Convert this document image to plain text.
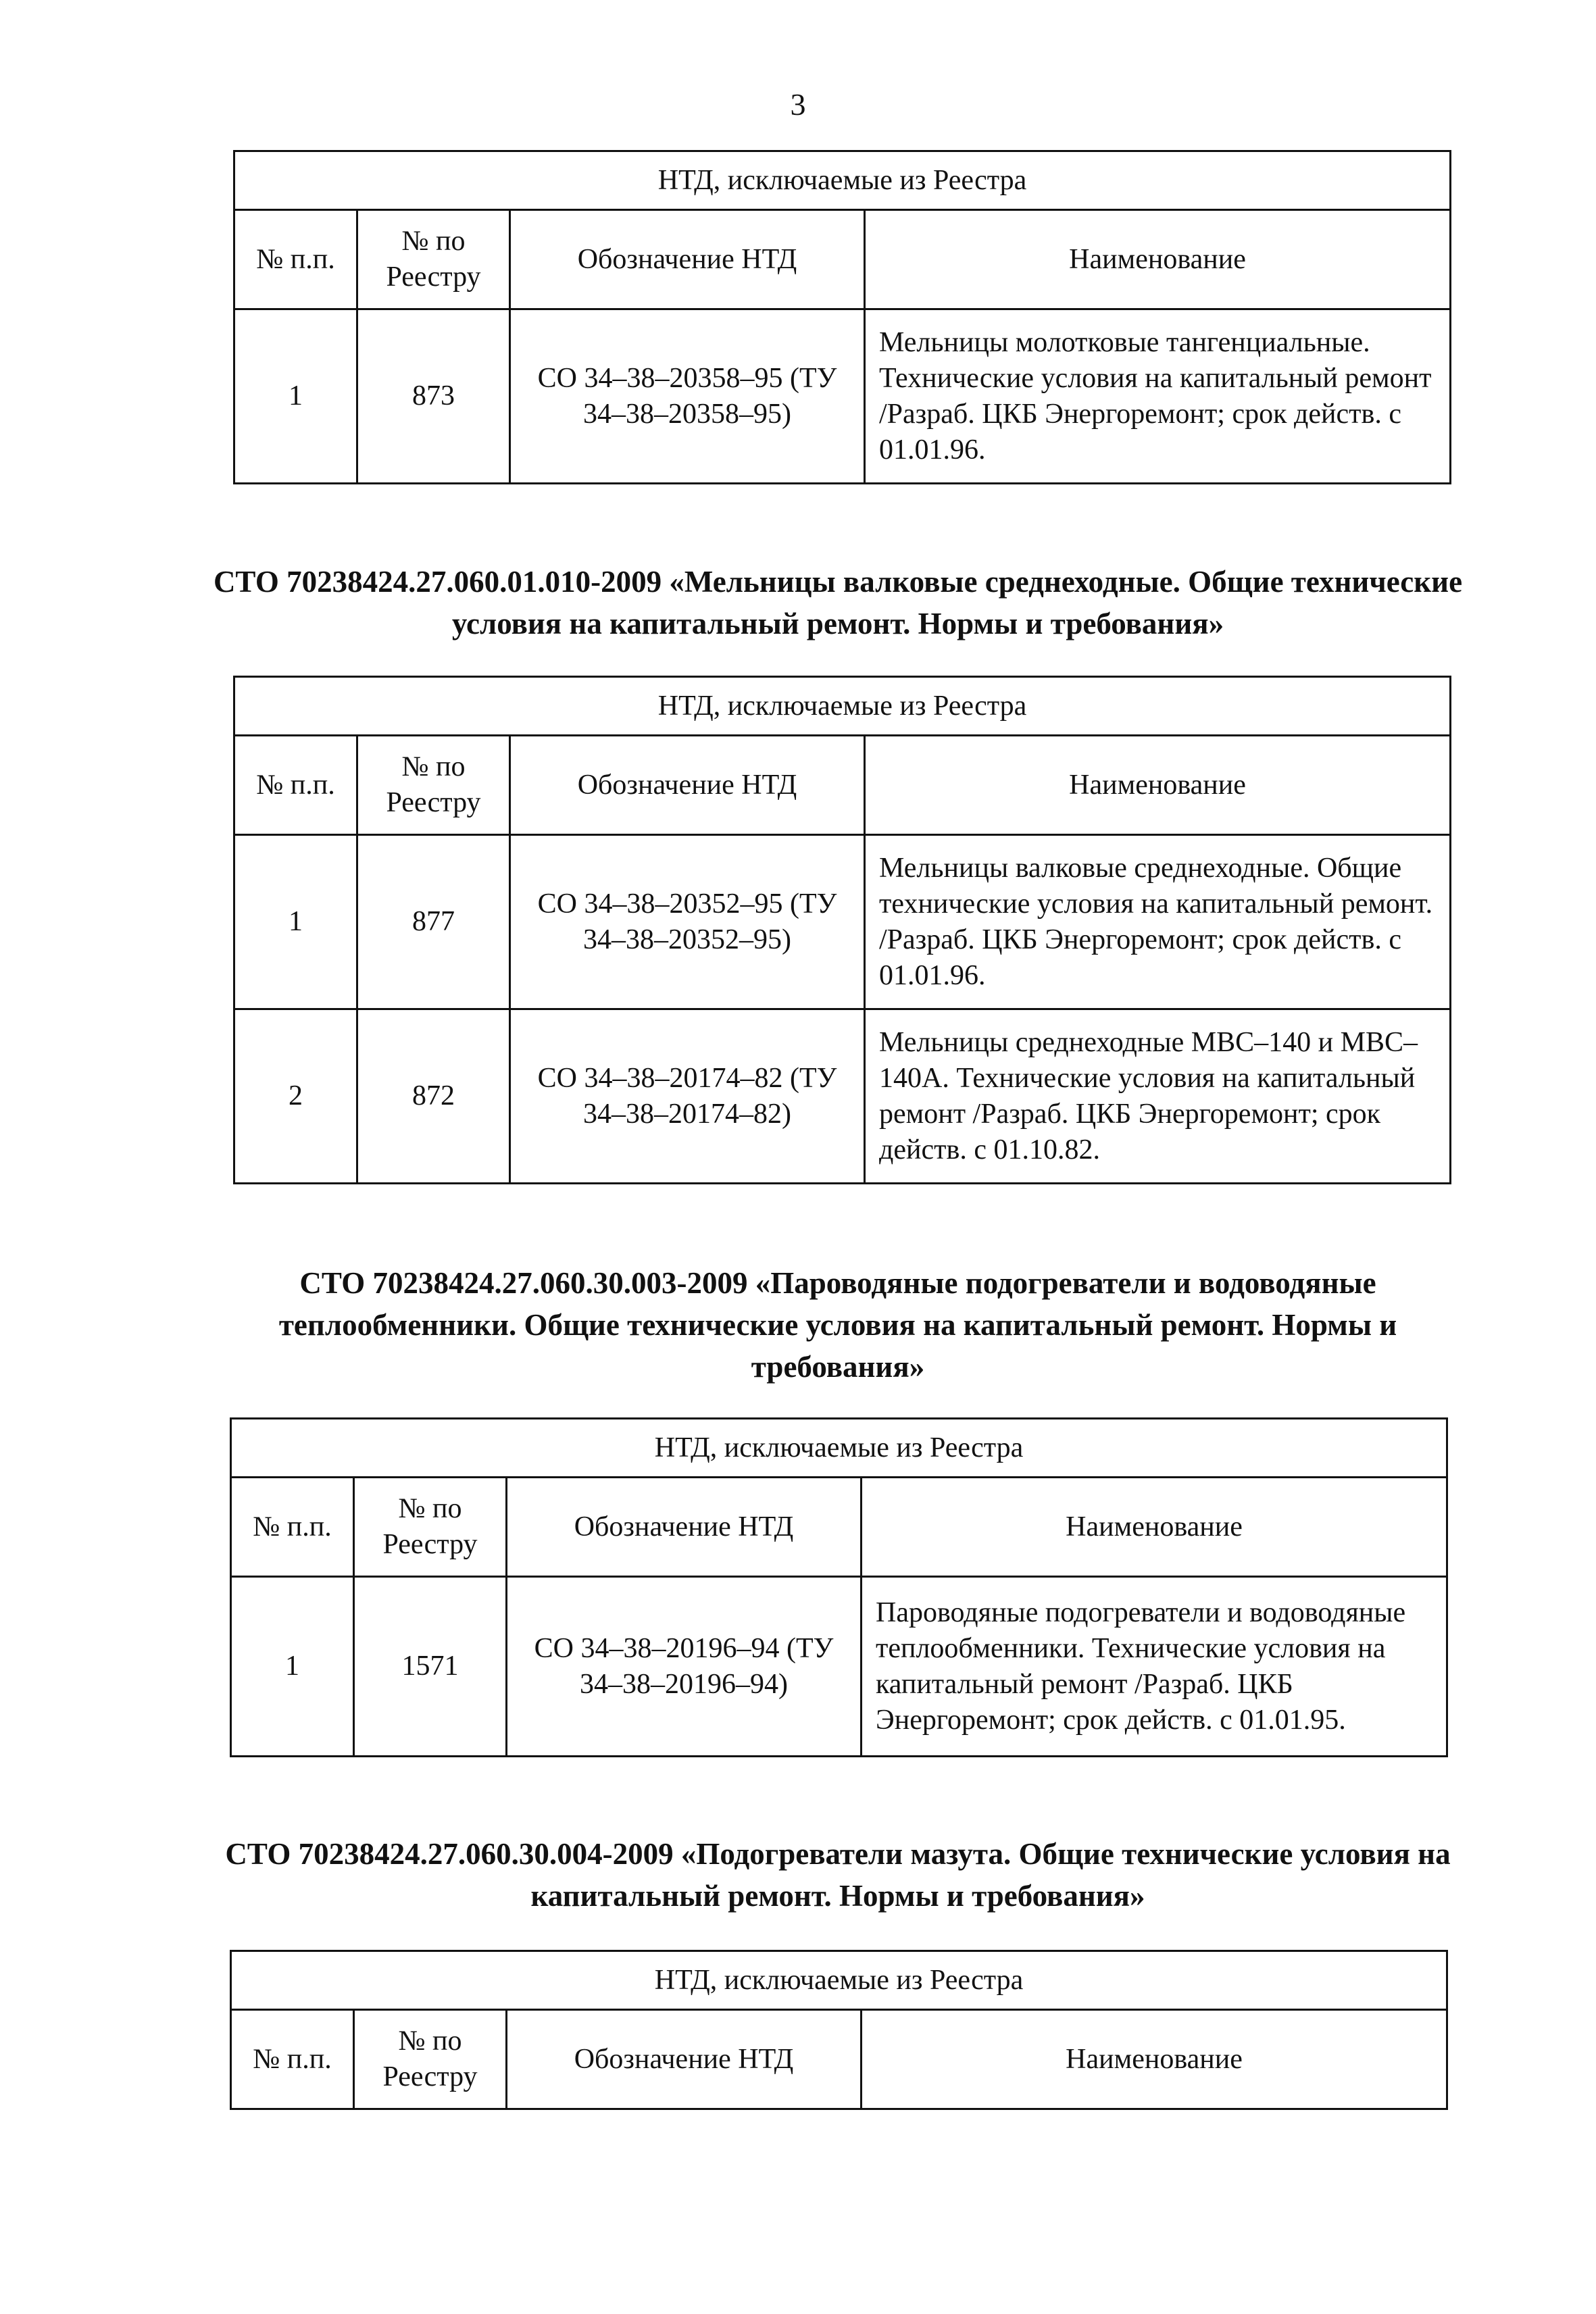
3
НТД, исключаемые из Реестра			
№ п.п.	№ по Реестру	Обозначение НТД	Наименование
1	873	СО 34–38–20358–95 (ТУ 34–38–20358–95)	Мельницы молотковые тангенциальные. Технические условия на капитальный ремонт /Разраб. ЦКБ Энергоремонт; срок действ. с 01.01.96.
СТО 70238424.27.060.01.010-2009 «Мельницы валковые среднеходные. Общие технические условия на капитальный ремонт. Нормы и требования»
НТД, исключаемые из Реестра			
№ п.п.	№ по Реестру	Обозначение НТД	Наименование
1	877	СО 34–38–20352–95 (ТУ 34–38–20352–95)	Мельницы валковые среднеходные. Общие технические условия на капитальный ремонт. /Разраб. ЦКБ Энергоремонт; срок действ. с 01.01.96.
2	872	СО 34–38–20174–82 (ТУ 34–38–20174–82)	Мельницы среднеходные МВС–140 и МВС–140А. Технические условия на капитальный ремонт /Разраб. ЦКБ Энергоремонт; срок действ. с 01.10.82.
СТО 70238424.27.060.30.003-2009 «Пароводяные подогреватели и водоводяные теплообменники. Общие технические условия на капитальный ремонт. Нормы и требования»
НТД, исключаемые из Реестра			
№ п.п.	№ по Реестру	Обозначение НТД	Наименование
1	1571	СО 34–38–20196–94 (ТУ 34–38–20196–94)	Пароводяные подогреватели и водоводяные теплообменники. Технические условия на капитальный ремонт /Разраб. ЦКБ Энергоремонт; срок действ. с 01.01.95.
СТО 70238424.27.060.30.004-2009 «Подогреватели мазута. Общие технические условия на капитальный ремонт. Нормы и требования»
НТД, исключаемые из Реестра
№ п.п.	№ по Реестру	Обозначение НТД	Наименование
